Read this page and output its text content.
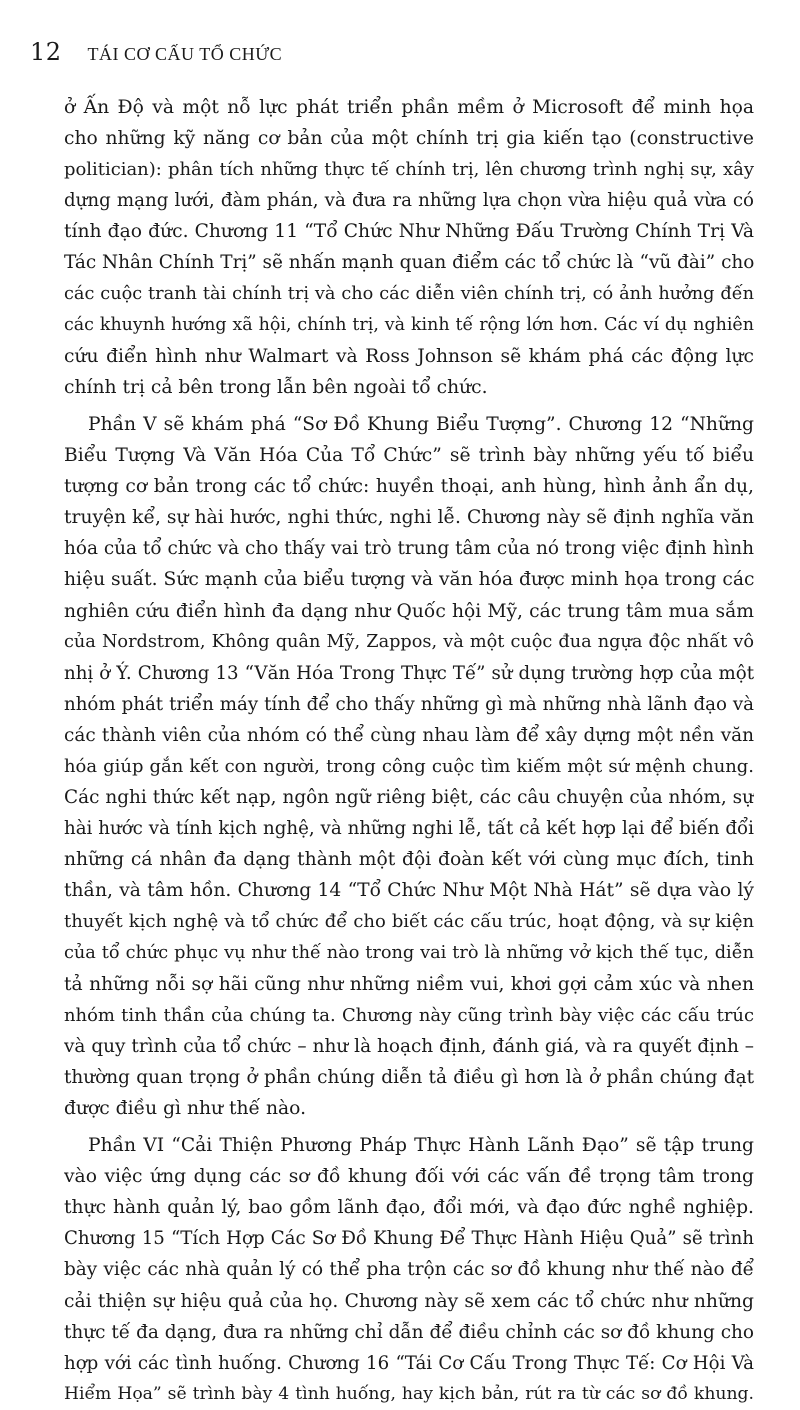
12 TÁI CƠ CẤU TỔ CHỨC

ở Ấn Độ và một nỗ lực phát triển phần mềm ở Microsoft để minh họa
cho những kỹ năng cơ bản của một chính trị gia kiến tạo (constructive
politician): phân tích những thực tế chính trị, lên chương trình nghị sự, xây
dựng mạng lưới, đàm phán, và đưa ra những lựa chọn vừa hiệu quả vừa có
tính đạo đức. Chương 11 “Tổ Chức Như Những Đấu Trường Chính Trị Và
Tác Nhân Chính Trị” sẽ nhấn mạnh quan điểm các tổ chức là “vũ đài” cho
các cuộc tranh tài chính trị và cho các diễn viên chính trị, có ảnh hưởng đến
các khuynh hướng xã hội, chính trị, và kinh tế rộng lớn hơn. Các ví dụ nghiên
cứu điển hình như Walmart và Ross Johnson sẽ khám phá các động lực
chính trị cả bên trong lẫn bên ngoài tổ chức.

Phần V sẽ khám phá “Sơ Đồ Khung Biểu Tượng”. Chương 12 “Những
Biểu Tượng Và Văn Hóa Của Tổ Chức” sẽ trình bày những yếu tố biểu
tượng cơ bản trong các tổ chức: huyền thoại, anh hùng, hình ảnh ẩn dụ,
truyện kể, sự hài hước, nghi thức, nghi lễ. Chương này sẽ định nghĩa văn
hóa của tổ chức và cho thấy vai trò trung tâm của nó trong việc định hình
hiệu suất. Sức mạnh của biểu tượng và văn hóa được minh họa trong các
nghiên cứu điển hình đa dạng như Quốc hội Mỹ, các trung tâm mua sắm
của Nordstrom, Không quân Mỹ, Zappos, và một cuộc đua ngựa độc nhất vô
nhị ở Ý. Chương 13 “Văn Hóa Trong Thực Tế” sử dụng trường hợp của một
nhóm phát triển máy tính để cho thấy những gì mà những nhà lãnh đạo và
các thành viên của nhóm có thể cùng nhau làm để xây dựng một nền văn
hóa giúp gắn kết con người, trong công cuộc tìm kiếm một sứ mệnh chung.
Các nghi thức kết nạp, ngôn ngữ riêng biệt, các câu chuyện của nhóm, sự
hài hước và tính kịch nghệ, và những nghi lễ, tất cả kết hợp lại để biến đổi
những cá nhân đa dạng thành một đội đoàn kết với cùng mục đích, tinh
thần, và tâm hồn. Chương 14 “Tổ Chức Như Một Nhà Hát” sẽ dựa vào lý
thuyết kịch nghệ và tổ chức để cho biết các cấu trúc, hoạt động, và sự kiện
của tổ chức phục vụ như thế nào trong vai trò là những vở kịch thế tục, diễn
tả những nỗi sợ hãi cũng như những niềm vui, khơi gợi cảm xúc và nhen
nhóm tinh thần của chúng ta. Chương này cũng trình bày việc các cấu trúc
và quy trình của tổ chức – như là hoạch định, đánh giá, và ra quyết định –
thường quan trọng ở phần chúng diễn tả điều gì hơn là ở phần chúng đạt
được điều gì như thế nào.

Phần VI “Cải Thiện Phương Pháp Thực Hành Lãnh Đạo” sẽ tập trung
vào việc ứng dụng các sơ đồ khung đối với các vấn đề trọng tâm trong
thực hành quản lý, bao gồm lãnh đạo, đổi mới, và đạo đức nghề nghiệp.
Chương 15 “Tích Hợp Các Sơ Đồ Khung Để Thực Hành Hiệu Quả” sẽ trình
bày việc các nhà quản lý có thể pha trộn các sơ đồ khung như thế nào để
cải thiện sự hiệu quả của họ. Chương này sẽ xem các tổ chức như những
thực tế đa dạng, đưa ra những chỉ dẫn để điều chỉnh các sơ đồ khung cho
hợp với các tình huống. Chương 16 “Tái Cơ Cấu Trong Thực Tế: Cơ Hội Và
Hiểm Họa” sẽ trình bày 4 tình huống, hay kịch bản, rút ra từ các sơ đồ khung.
